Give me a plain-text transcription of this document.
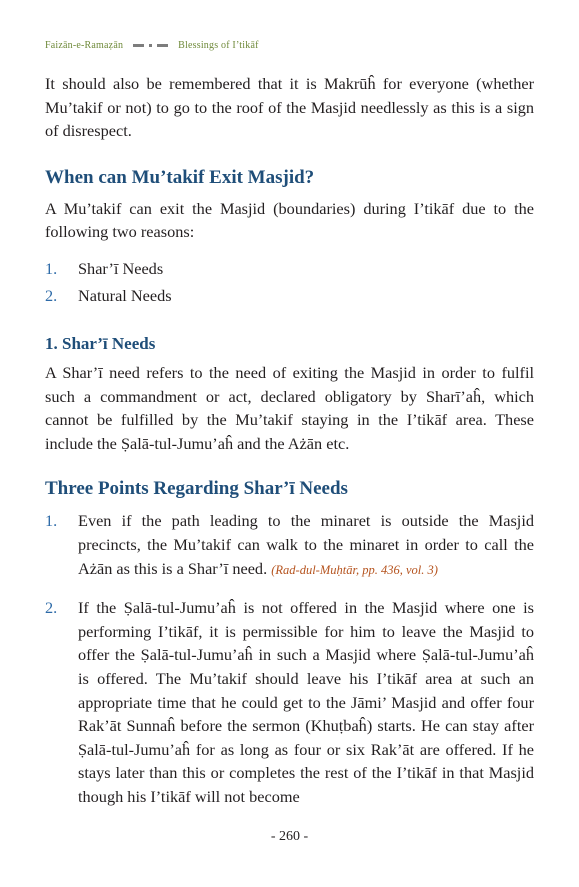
Faizān-e-Ramaẓān	Blessings of I’tikāf

It should also be remembered that it is Makrūĥ for everyone (whether Mu’takif or not) to go to the roof of the Masjid needlessly as this is a sign of disrespect.

When can Mu’takif Exit Masjid?

A Mu’takif can exit the Masjid (boundaries) during I’tikāf due to the following two reasons:

1.	Shar’ī Needs
2.	Natural Needs
1. Shar’ī Needs

A Shar’ī need refers to the need of exiting the Masjid in order to fulfil such a commandment or act, declared obligatory by Sharī’aĥ, which cannot be fulfilled by the Mu’takif staying in the I’tikāf area. These include the Ṣalā-tul-Jumu’aĥ and the Ażān etc.

Three Points Regarding Shar’ī Needs
1.	Even if the path leading to the minaret is outside the Masjid precincts, the Mu’takif can walk to the minaret in order to call the Ażān as this is a Shar’ī need. (Rad-dul-Muḥtār, pp. 436, vol. 3)
2.	If the Ṣalā-tul-Jumu’aĥ is not offered in the Masjid where one is performing I’tikāf, it is permissible for him to leave the Masjid to offer the Ṣalā-tul-Jumu’aĥ in such a Masjid where Ṣalā-tul-Jumu’aĥ is offered. The Mu’takif should leave his I’tikāf area at such an appropriate time that he could get to the Jāmi’ Masjid and offer four Rak’āt Sunnaĥ before the sermon (Khuṭbaĥ) starts. He can stay after Ṣalā-tul-Jumu’aĥ for as long as four or six Rak’āt are offered. If he stays later than this or completes the rest of the I’tikāf in that Masjid though his I’tikāf will not become
- 260 -
